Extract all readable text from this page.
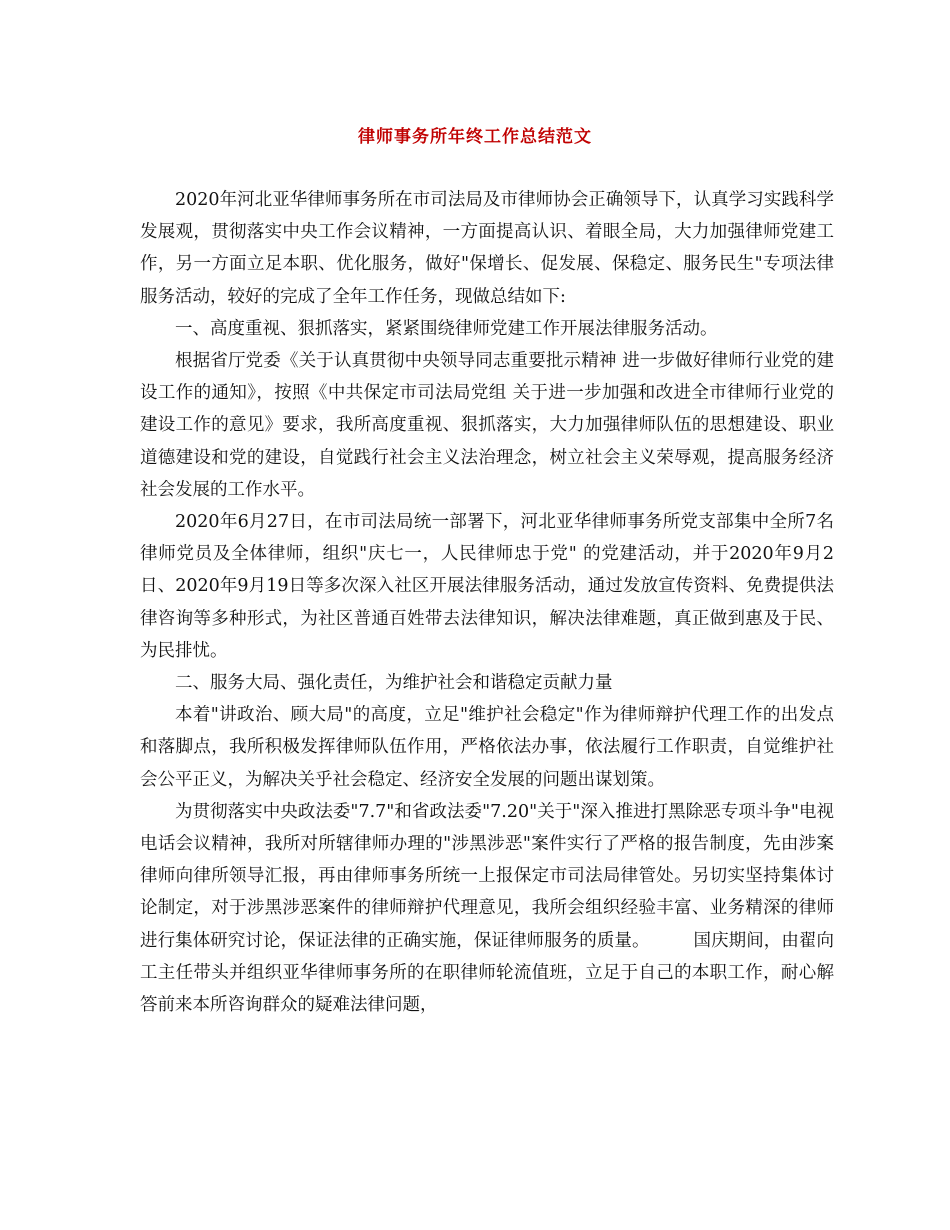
律师事务所年终工作总结范文

2020年河北亚华律师事务所在市司法局及市律师协会正确领导下，认真学习实践科学发展观，贯彻落实中央工作会议精神，一方面提高认识、着眼全局，大力加强律师党建工作，另一方面立足本职、优化服务，做好"保增长、促发展、保稳定、服务民生"专项法律服务活动，较好的完成了全年工作任务，现做总结如下:

一、高度重视、狠抓落实，紧紧围绕律师党建工作开展法律服务活动。

根据省厅党委《关于认真贯彻中央领导同志重要批示精神 进一步做好律师行业党的建设工作的通知》，按照《中共保定市司法局党组 关于进一步加强和改进全市律师行业党的建设工作的意见》要求，我所高度重视、狠抓落实，大力加强律师队伍的思想建设、职业道德建设和党的建设，自觉践行社会主义法治理念，树立社会主义荣辱观，提高服务经济社会发展的工作水平。

2020年6月27日，在市司法局统一部署下，河北亚华律师事务所党支部集中全所7名律师党员及全体律师，组织"庆七一，人民律师忠于党" 的党建活动，并于2020年9月2日、2020年9月19日等多次深入社区开展法律服务活动，通过发放宣传资料、免费提供法律咨询等多种形式，为社区普通百姓带去法律知识，解决法律难题，真正做到惠及于民、为民排忧。

二、服务大局、强化责任，为维护社会和谐稳定贡献力量

本着"讲政治、顾大局"的高度，立足"维护社会稳定"作为律师辩护代理工作的出发点和落脚点，我所积极发挥律师队伍作用，严格依法办事，依法履行工作职责，自觉维护社会公平正义，为解决关乎社会稳定、经济安全发展的问题出谋划策。

为贯彻落实中央政法委"7.7"和省政法委"7.20"关于"深入推进打黑除恶专项斗争"电视电话会议精神，我所对所辖律师办理的"涉黑涉恶"案件实行了严格的报告制度，先由涉案律师向律所领导汇报，再由律师事务所统一上报保定市司法局律管处。另切实坚持集体讨论制定，对于涉黑涉恶案件的律师辩护代理意见，我所会组织经验丰富、业务精深的律师进行集体研究讨论，保证法律的正确实施，保证律师服务的质量。　　　国庆期间，由翟向工主任带头并组织亚华律师事务所的在职律师轮流值班，立足于自己的本职工作，耐心解答前来本所咨询群众的疑难法律问题，
